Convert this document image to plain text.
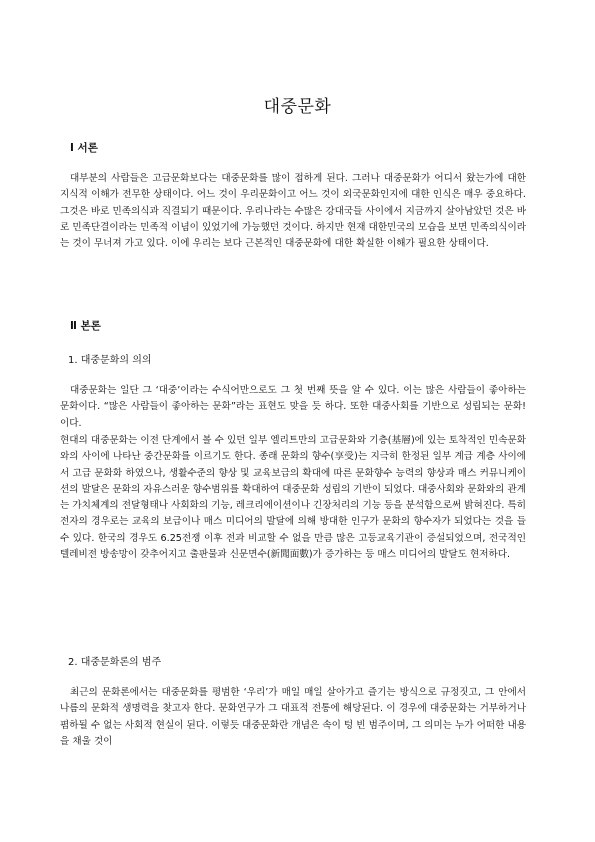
대중문화
Ⅰ 서론

대부분의 사람들은 고급문화보다는 대중문화를 많이 접하게 된다. 그러나 대중문화가 어디서 왔는가에 대한 지식적 이해가 전무한 상태이다. 어느 것이 우리문화이고 어느 것이 외국문화인지에 대한 인식은 매우 중요하다. 그것은 바로 민족의식과 직결되기 때문이다. 우리나라는 수많은 강대국들 사이에서 지금까지 살아남았던 것은 바로 민족단결이라는 민족적 이념이 있었기에 가능했던 것이다. 하지만 현재 대한민국의 모습을 보면 민족의식이라는 것이 무너져 가고 있다. 이에 우리는 보다 근본적인 대중문화에 대한 확실한 이해가 필요한 상태이다.

Ⅱ 본론
1. 대중문화의 의의

대중문화는 일단 그 ‘대중’이라는 수식어만으로도 그 첫 번째 뜻을 알 수 있다. 이는 많은 사람들이 좋아하는 문화이다. “많은 사람들이 좋아하는 문화”라는 표현도 맞을 듯 하다. 또한 대중사회를 기반으로 성립되는 문화! 이다.

현대의 대중문화는 이전 단계에서 볼 수 있던 일부 엘리트만의 고급문화와 기층(基層)에 있는 토착적인 민속문화와의 사이에 나타난 중간문화를 이르기도 한다. 종래 문화의 향수(享受)는 지극히 한정된 일부 계급 계층 사이에서 고급 문화화 하였으나, 생활수준의 향상 및 교육보급의 확대에 따른 문화향수 능력의 향상과 매스 커뮤니케이션의 발달은 문화의 자유스러운 향수범위를 확대하여 대중문화 성립의 기반이 되었다. 대중사회와 문화와의 관계는 가치체계의 전달형태나 사회화의 기능, 레크리에이션이나 긴장처리의 기능 등을 분석함으로써 밝혀진다. 특히 전자의 경우로는 교육의 보급이나 매스 미디어의 발달에 의해 방대한 인구가 문화의 향수자가 되었다는 것을 들 수 있다. 한국의 경우도 6.25전쟁 이후 전과 비교할 수 없을 만큼 많은 고등교육기관이 증설되었으며, 전국적인 텔레비전 방송망이 갖추어지고 출판물과 신문면수(新聞面數)가 증가하는 등 매스 미디어의 발달도 현저하다.

2. 대중문화론의 범주

최근의 문화론에서는 대중문화를 평범한 ‘우리’가 매일 매일 살아가고 즐기는 방식으로 규정짓고, 그 안에서 나름의 문화적 생명력을 찾고자 한다. 문화연구가 그 대표적 전통에 해당된다. 이 경우에 대중문화는 거부하거나 폄하될 수 없는 사회적 현실이 된다. 이렇듯 대중문화란 개념은 속이 텅 빈 범주이며, 그 의미는 누가 어떠한 내용을 채울 것이
